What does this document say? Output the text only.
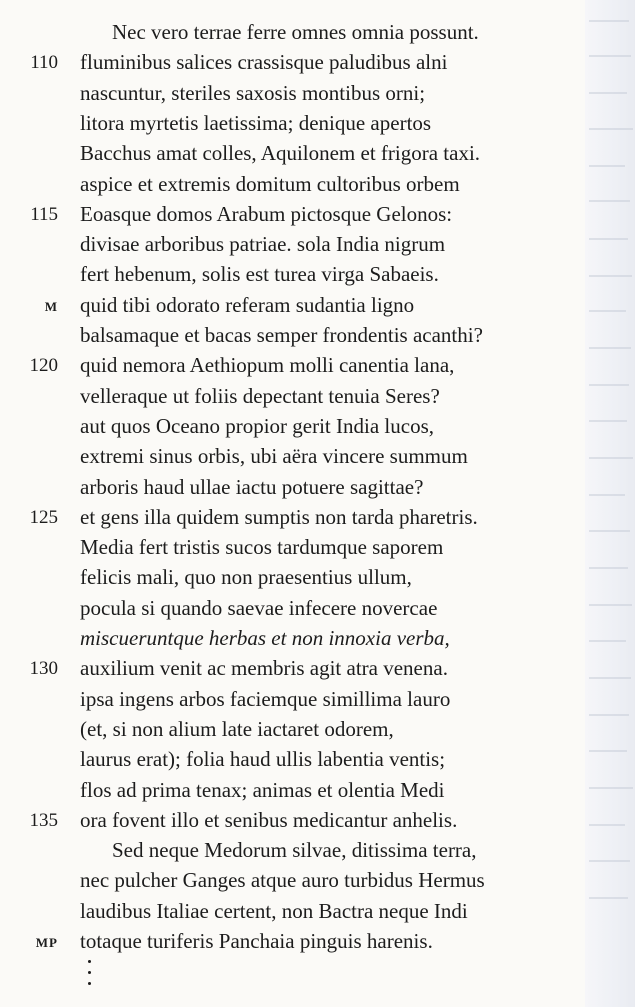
Nec vero terrae ferre omnes omnia possunt.
110 fluminibus salices crassisque paludibus alni
nascuntur, steriles saxosis montibus orni;
litora myrtetis laetissima; denique apertos
Bacchus amat colles, Aquilonem et frigora taxi.
aspice et extremis domitum cultoribus orbem
115 Eoasque domos Arabum pictosque Gelonos:
divisae arboribus patriae. sola India nigrum
fert hebenum, solis est turea virga Sabaeis.
M quid tibi odorato referam sudantia ligno
balsamaque et bacas semper frondentis acanthi?
120 quid nemora Aethiopum molli canentia lana,
velleraque ut foliis depectant tenuia Seres?
aut quos Oceano propior gerit India lucos,
extremi sinus orbis, ubi aëra vincere summum
arboris haud ullae iactu potuere sagittae?
125 et gens illa quidem sumptis non tarda pharetris.
Media fert tristis sucos tardumque saporem
felicis mali, quo non praesentius ullum,
pocula si quando saevae infecere novercae
miscueruntque herbas et non innoxia verba,
130 auxilium venit ac membris agit atra venena.
ipsa ingens arbos faciemque simillima lauro
(et, si non alium late iactaret odorem,
laurus erat); folia haud ullis labentia ventis;
flos ad prima tenax; animas et olentia Medi
135 ora fovent illo et senibus medicantur anhelis.
Sed neque Medorum silvae, ditissima terra,
nec pulcher Ganges atque auro turbidus Hermus
laudibus Italiae certent, non Bactra neque Indi
MP totaque turiferis Panchaia pinguis harenis.
